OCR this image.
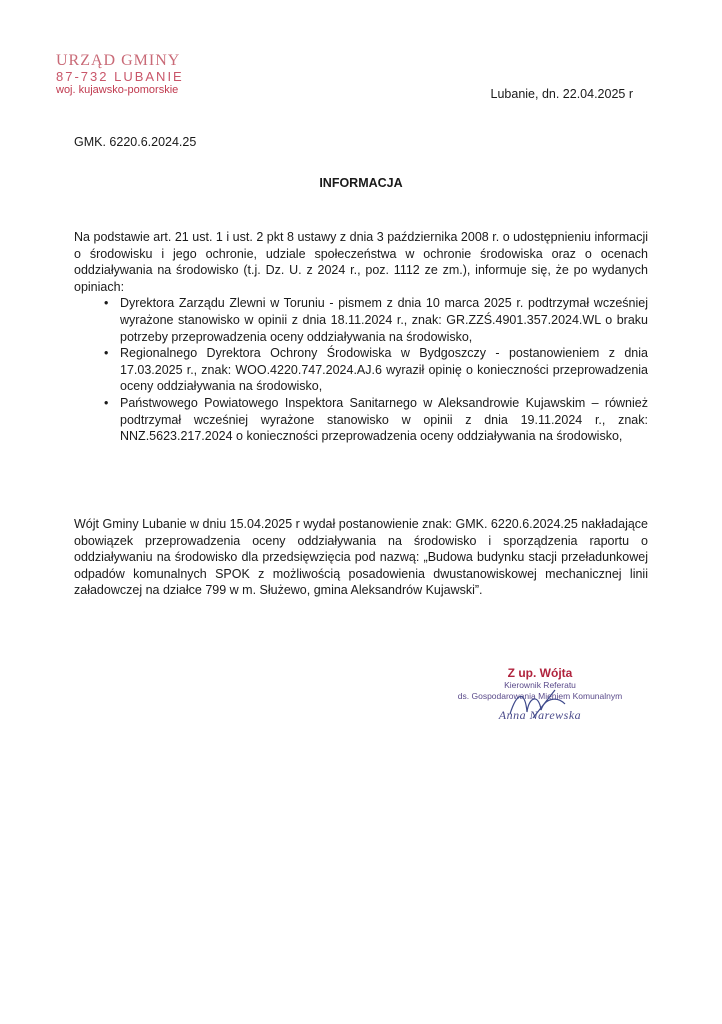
URZĄD GMINY
87-732 LUBANIE
woj. kujawsko-pomorskie	Lubanie, dn. 22.04.2025 r
GMK. 6220.6.2024.25
INFORMACJA
Na podstawie art. 21 ust. 1 i ust. 2 pkt 8 ustawy z dnia 3 października 2008 r. o udostępnieniu informacji o środowisku i jego ochronie, udziale społeczeństwa w ochronie środowiska oraz o ocenach oddziaływania na środowisko (t.j. Dz. U. z 2024 r., poz. 1112 ze zm.), informuje się, że po wydanych opiniach:
• Dyrektora Zarządu Zlewni w Toruniu - pismem z dnia 10 marca 2025 r. podtrzymał wcześniej wyrażone stanowisko w opinii z dnia 18.11.2024 r., znak: GR.ZZŚ.4901.357.2024.WL o braku potrzeby przeprowadzenia oceny oddziaływania na środowisko,
• Regionalnego Dyrektora Ochrony Środowiska w Bydgoszczy - postanowieniem z dnia 17.03.2025 r., znak: WOO.4220.747.2024.AJ.6 wyraził opinię o konieczności przeprowadzenia oceny oddziaływania na środowisko,
• Państwowego Powiatowego Inspektora Sanitarnego w Aleksandrowie Kujawskim – również podtrzymał wcześniej wyrażone stanowisko w opinii z dnia 19.11.2024 r., znak: NNZ.5623.217.2024 o konieczności przeprowadzenia oceny oddziaływania na środowisko,
Wójt Gminy Lubanie w dniu 15.04.2025 r wydał postanowienie znak: GMK. 6220.6.2024.25 nakładające obowiązek przeprowadzenia oceny oddziaływania na środowisko i sporządzenia raportu o oddziaływaniu na środowisko dla przedsięwzięcia pod nazwą: „Budowa budynku stacji przeładunkowej odpadów komunalnych SPOK z możliwością posadowienia dwustanowiskowej mechanicznej linii załadowczej na działce 799 w m. Służewo, gmina Aleksandrów Kujawski”.
Z up. Wójta
Kierownik Referatu
ds. Gospodarowania Mieniem Komunalnym
Anna Narewska
